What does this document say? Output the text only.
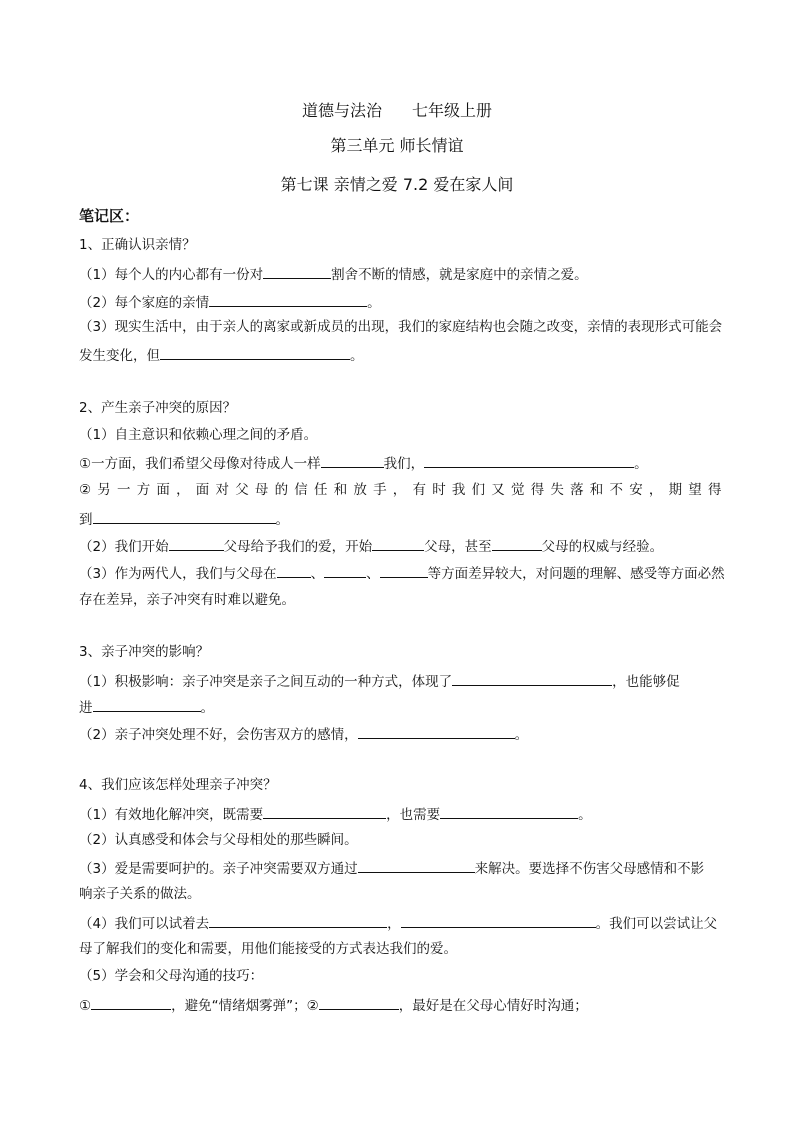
道德与法治 七年级上册
第三单元 师长情谊
第七课 亲情之爱 7.2 爱在家人间
笔记区：
1、正确认识亲情？
（1）每个人的内心都有一份对	割舍不断的情感，就是家庭中的亲情之爱。
（2）每个家庭的亲情	。
（3）现实生活中，由于亲人的离家或新成员的出现，我们的家庭结构也会随之改变，亲情的表现形式可能会
发生变化，但	。
2、产生亲子冲突的原因？
（1）自主意识和依赖心理之间的矛盾。
①一方面，我们希望父母像对待成人一样	我们，	。
②另一方面，面对父母的信任和放手，有时我们又觉得失落和不安，期望得
到	。
（2）我们开始	父母给予我们的爱，开始	父母，甚至	父母的权威与经验。
（3）作为两代人，我们与父母在	、	、	等方面差异较大，对问题的理解、感受等方面必然
存在差异，亲子冲突有时难以避免。
3、亲子冲突的影响？
（1）积极影响：亲子冲突是亲子之间互动的一种方式，体现了	，也能够促
进	。
（2）亲子冲突处理不好，会伤害双方的感情，	。
4、我们应该怎样处理亲子冲突？
（1）有效地化解冲突，既需要	，也需要	。
（2）认真感受和体会与父母相处的那些瞬间。
（3）爱是需要呵护的。亲子冲突需要双方通过	来解决。要选择不伤害父母感情和不影
响亲子关系的做法。
（4）我们可以试着去	，	。我们可以尝试让父
母了解我们的变化和需要，用他们能接受的方式表达我们的爱。
（5）学会和父母沟通的技巧：
①	，避免“情绪烟雾弹”；②	，最好是在父母心情好时沟通；
